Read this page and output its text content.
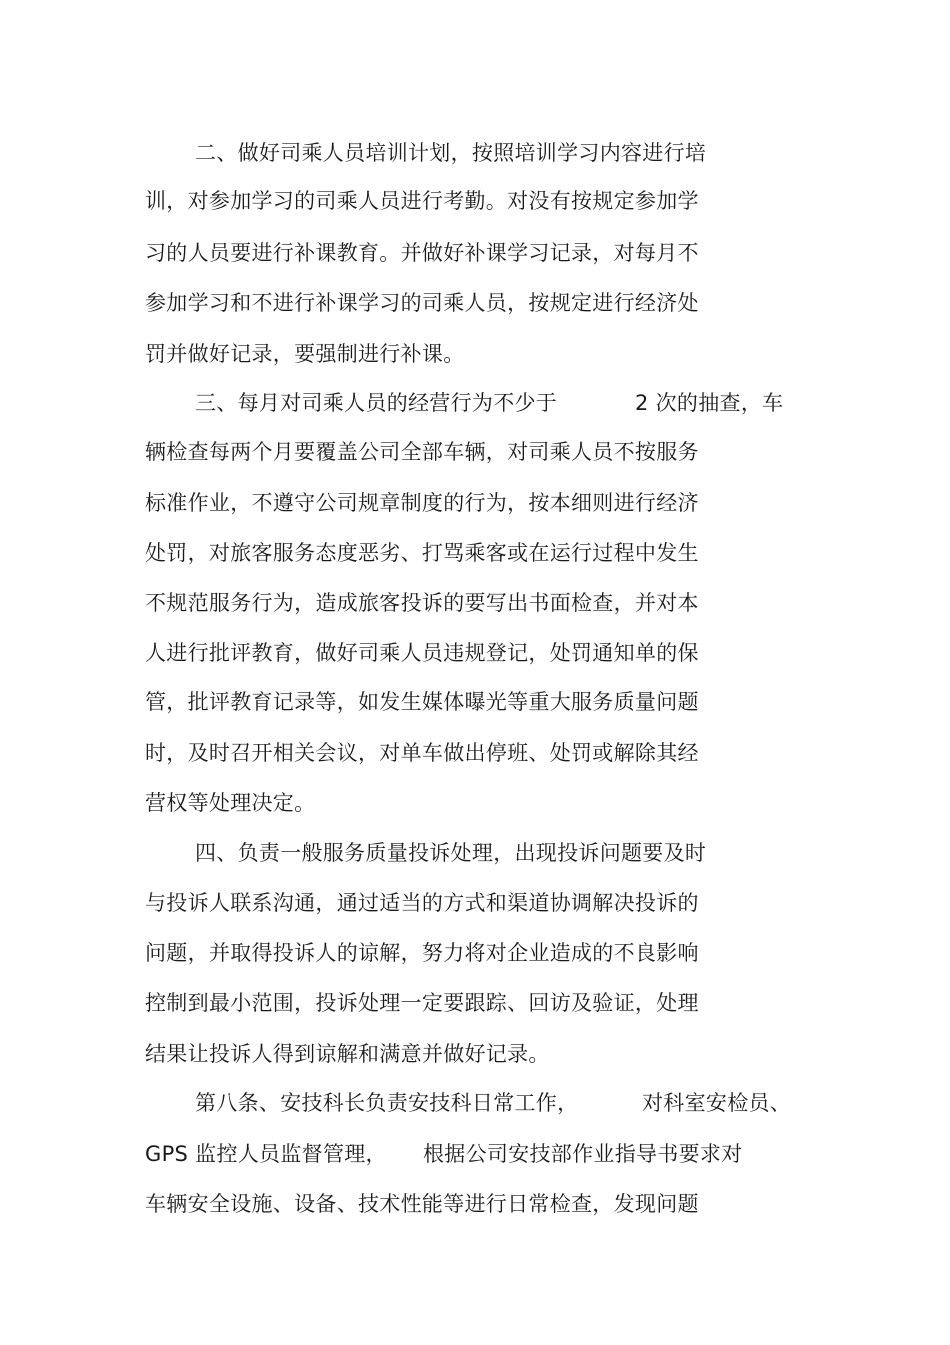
二、做好司乘人员培训计划，按照培训学习内容进行培
训，对参加学习的司乘人员进行考勤。对没有按规定参加学
习的人员要进行补课教育。并做好补课学习记录，对每月不
参加学习和不进行补课学习的司乘人员，按规定进行经济处
罚并做好记录，要强制进行补课。
三、每月对司乘人员的经营行为不少于	2 次的抽查，车
辆检查每两个月要覆盖公司全部车辆，对司乘人员不按服务
标准作业，不遵守公司规章制度的行为，按本细则进行经济
处罚，对旅客服务态度恶劣、打骂乘客或在运行过程中发生
不规范服务行为，造成旅客投诉的要写出书面检查，并对本
人进行批评教育，做好司乘人员违规登记，处罚通知单的保
管，批评教育记录等，如发生媒体曝光等重大服务质量问题
时，及时召开相关会议，对单车做出停班、处罚或解除其经
营权等处理决定。
四、负责一般服务质量投诉处理，出现投诉问题要及时
与投诉人联系沟通，通过适当的方式和渠道协调解决投诉的
问题，并取得投诉人的谅解，努力将对企业造成的不良影响
控制到最小范围，投诉处理一定要跟踪、回访及验证，处理
结果让投诉人得到谅解和满意并做好记录。
第八条、安技科长负责安技科日常工作，	对科室安检员、
GPS 监控人员监督管理， 根据公司安技部作业指导书要求对
车辆安全设施、设备、技术性能等进行日常检查，发现问题
